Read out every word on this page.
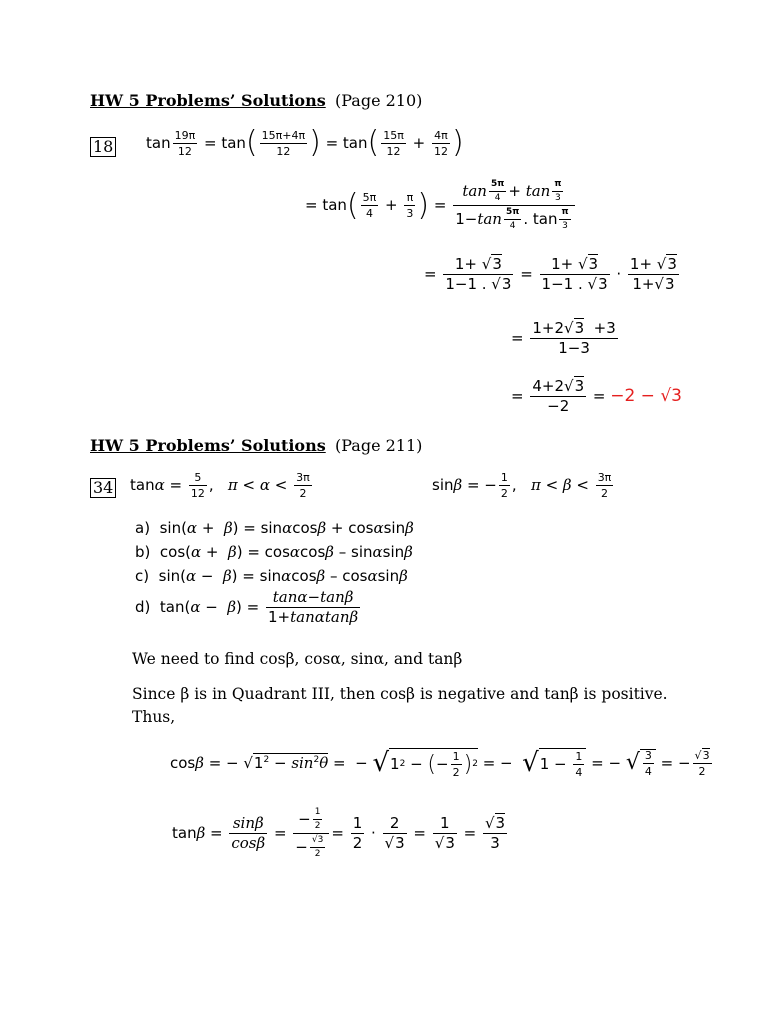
HW 5 Problems’ Solutions (Page 210)
18 $\tan \frac{19\pi}{12} = \tan$ ( $\frac{15\pi+4\pi}{12}$ ) = tan ( $\frac{15\pi}{12} + \frac{4\pi}{12}$ )
= tan ( $\frac{5\pi}{4} + \frac{\pi}{3}$ ) = $\frac{\tan \frac{5\pi}{4} + \tan \frac{\pi}{3}}{1-\tan \frac{5\pi}{4} . \tan \frac{\pi}{3}}$
= $\frac{1+ √3}{1-1 . √3} = \frac{1+ √3}{1-1 . √3} \cdot \frac{1+ √3}{1+√3}$
= $\frac{1+2√3 +3}{1-3}$
= $\frac{4+2√3}{-2} = -2 - √3$
HW 5 Problems’ Solutions (Page 211)
34 $\tan\alpha = \frac{5}{12}$ ,   $\pi < \alpha < \frac{3\pi}{2}$	sinβ = − $\frac{1}{2}$ ,   $\pi < \beta < \frac{3\pi}{2}$
a)  sin(α +  β) = sinαcosβ + cosαsinβ
b)  cos(α +  β) = cosαcosβ – sinαsinβ
c)  sin(α −  β) = sinαcosβ – cosαsinβ
d)  $\tan(\alpha - \beta) = \frac{\tan\alpha-\tan\beta}{1+\tan\alpha\tan\beta}$
We need to find cosβ, cosα, sinα, and tanβ
Since β is in Quadrant III, then cosβ is negative and tanβ is positive.
Thus,
cosβ = − $√1^2 - \sin^2\theta$ =  − √ 1 2 − ( − $\frac{1}{2}$ ) 2 = − √ $1 - \frac{1}{4}$ = − √ $\frac{3}{4}$ = − $\frac{√3}{2}$
$\tan\beta = \frac{\sin\beta}{\cos\beta} = \frac{- \frac{1}{2}}{- \frac{√3}{2}} = \frac{1}{2} \cdot \frac{2}{√3} = \frac{1}{√3} = \frac{√3}{3}$
